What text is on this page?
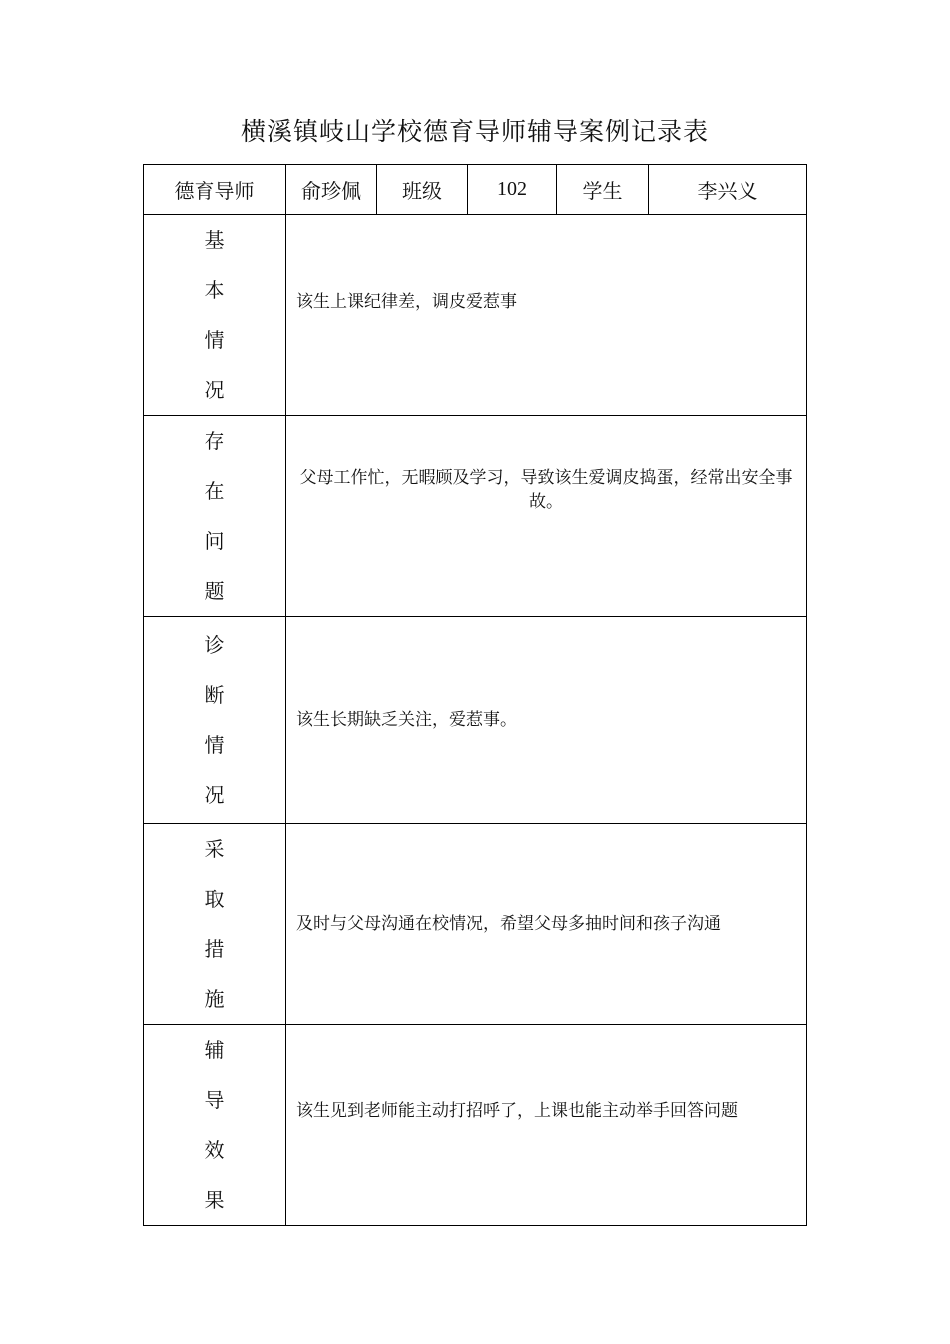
横溪镇岐山学校德育导师辅导案例记录表
德育导师	俞珍佩	班级	102	学生	李兴义

基
本
情
况	该生上课纪律差，调皮爱惹事				

存
在
问
题	父母工作忙，无暇顾及学习，导致该生爱调皮捣蛋，经常出安全事故。				

诊
断
情
况	该生长期缺乏关注，爱惹事。				

采
取
措
施	及时与父母沟通在校情况，希望父母多抽时间和孩子沟通				

辅
导
效
果	该生见到老师能主动打招呼了，上课也能主动举手回答问题				
